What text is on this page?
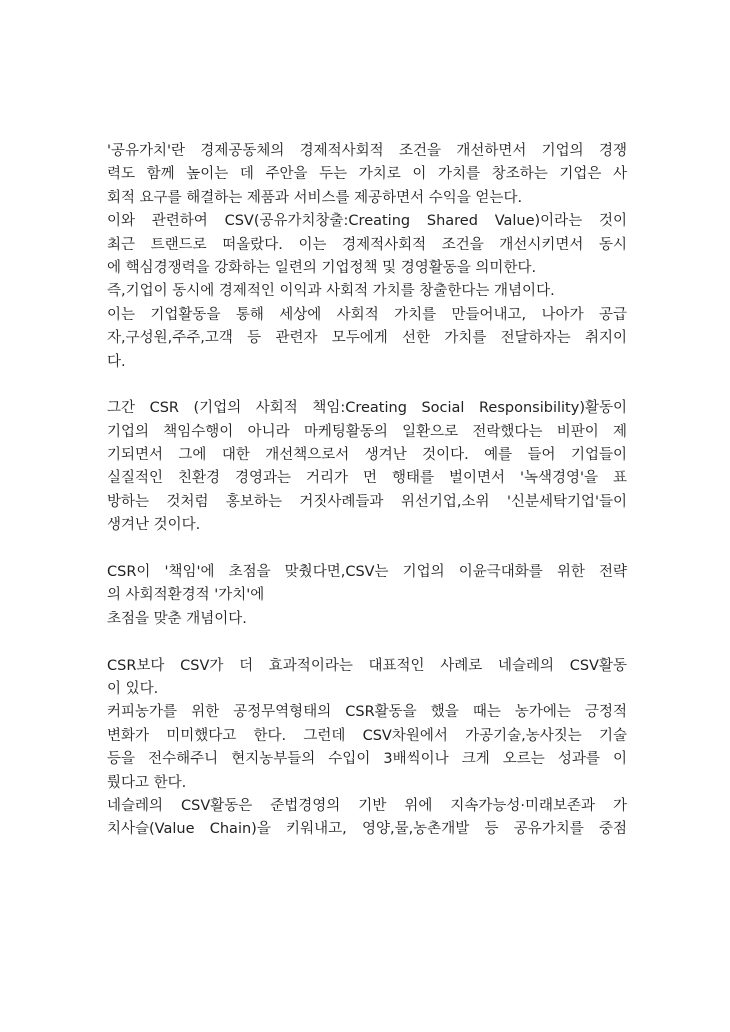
'공유가치'란 경제공동체의 경제적사회적 조건을 개선하면서 기업의 경쟁
력도 함께 높이는 데 주안을 두는 가치로 이 가치를 창조하는 기업은 사
회적 요구를 해결하는 제품과 서비스를 제공하면서 수익을 얻는다.
이와 관련하여 CSV(공유가치창출:Creating Shared Value)이라는 것이
최근 트랜드로 떠올랐다. 이는 경제적사회적 조건을 개선시키면서 동시
에 핵심경쟁력을 강화하는 일련의 기업정책 및 경영활동을 의미한다.
즉,기업이 동시에 경제적인 이익과 사회적 가치를 창출한다는 개념이다.
이는 기업활동을 통해 세상에 사회적 가치를 만들어내고, 나아가 공급
자,구성원,주주,고객 등 관련자 모두에게 선한 가치를 전달하자는 취지이
다.
그간 CSR (기업의 사회적 책임:Creating Social Responsibility)활동이
기업의 책임수행이 아니라 마케팅활동의 일환으로 전락했다는 비판이 제
기되면서 그에 대한 개선책으로서 생겨난 것이다. 예를 들어 기업들이
실질적인 친환경 경영과는 거리가 먼 행태를 벌이면서 '녹색경영'을 표
방하는 것처럼 홍보하는 거짓사례들과 위선기업,소위 '신분세탁기업'들이
생겨난 것이다.
CSR이 '책임'에 초점을 맞췄다면,CSV는 기업의 이윤극대화를 위한 전략
의 사회적환경적 '가치'에
초점을 맞춘 개념이다.
CSR보다 CSV가 더 효과적이라는 대표적인 사례로 네슬레의 CSV활동
이 있다.
커피농가를 위한 공정무역형태의 CSR활동을 했을 때는 농가에는 긍정적
변화가 미미했다고 한다. 그런데 CSV차원에서 가공기술,농사짓는 기술
등을 전수해주니 현지농부들의 수입이 3배씩이나 크게 오르는 성과를 이
뤘다고 한다.
네슬레의 CSV활동은 준법경영의 기반 위에 지속가능성·미래보존과 가
치사슬(Value Chain)을 키워내고, 영양,물,농촌개발 등 공유가치를 중점
